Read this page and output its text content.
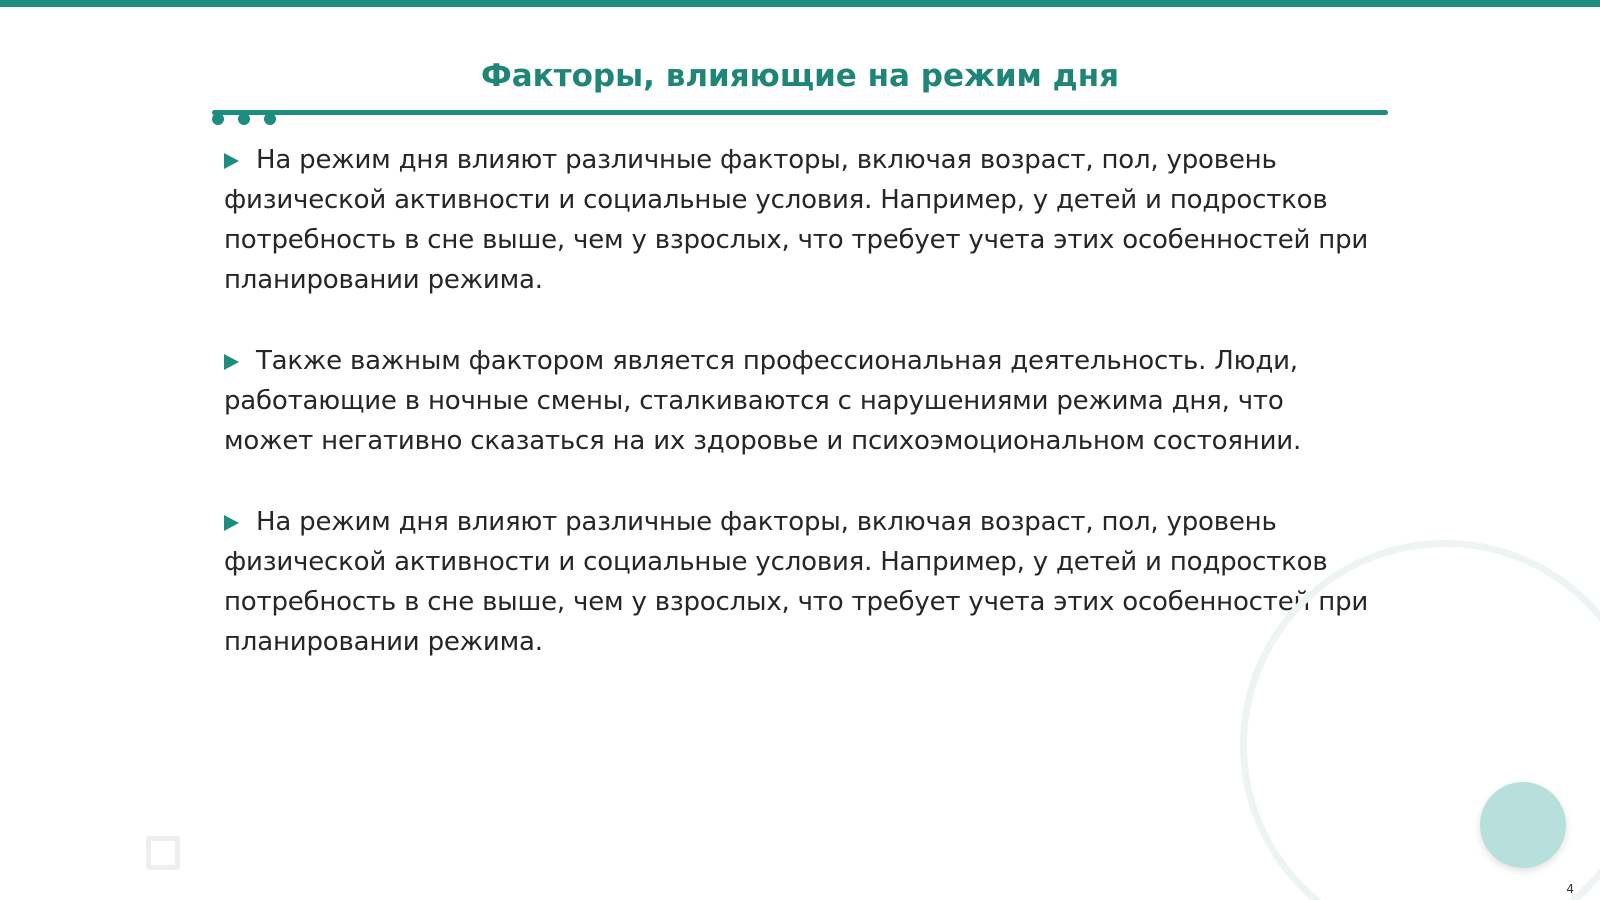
Факторы, влияющие на режим дня

На режим дня влияют различные факторы, включая возраст, пол, уровень физической активности и социальные условия. Например, у детей и подростков потребность в сне выше, чем у взрослых, что требует учета этих особенностей при планировании режима.

Также важным фактором является профессиональная деятельность. Люди, работающие в ночные смены, сталкиваются с нарушениями режима дня, что может негативно сказаться на их здоровье и психоэмоциональном состоянии.

На режим дня влияют различные факторы, включая возраст, пол, уровень физической активности и социальные условия. Например, у детей и подростков потребность в сне выше, чем у взрослых, что требует учета этих особенностей при планировании режима.

4
